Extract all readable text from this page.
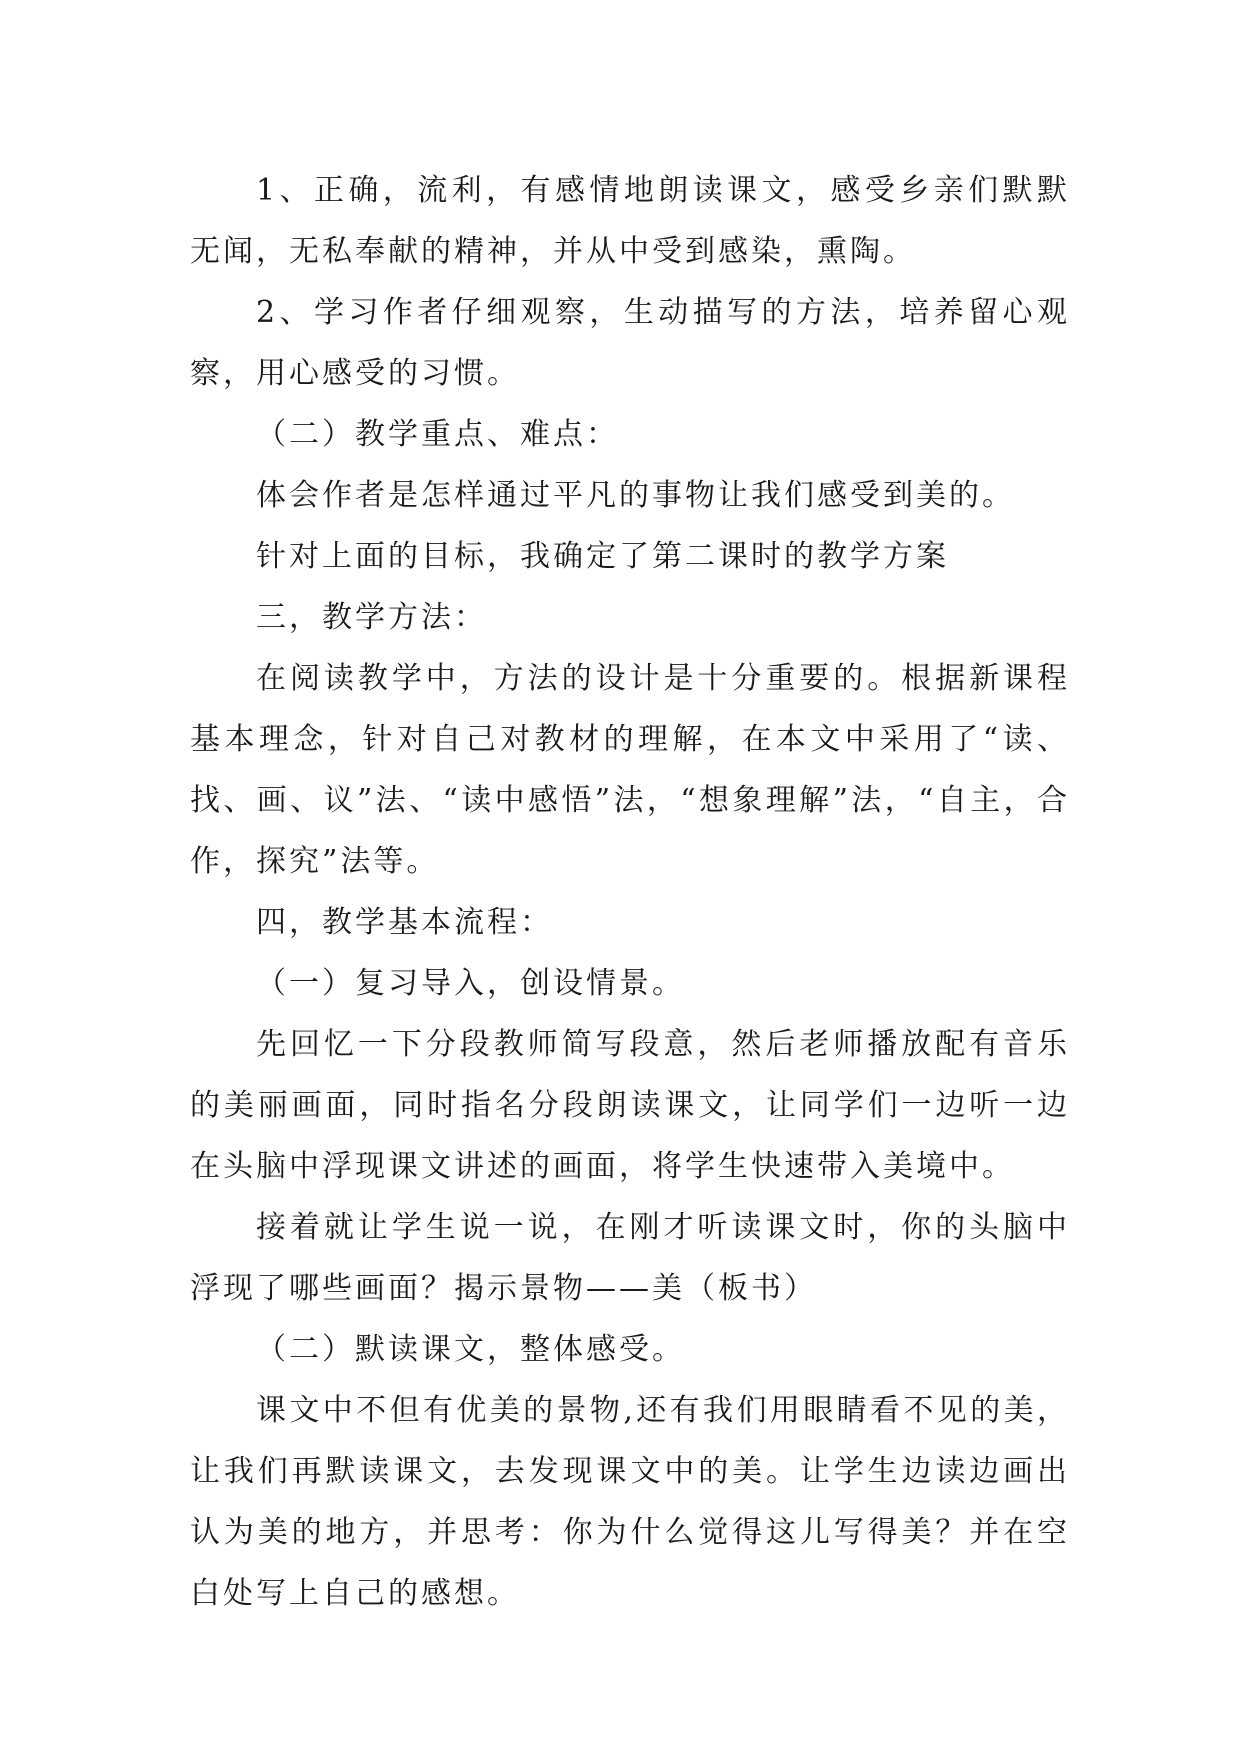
1、正确，流利，有感情地朗读课文，感受乡亲们默默无闻，无私奉献的精神，并从中受到感染，熏陶。

2、学习作者仔细观察，生动描写的方法，培养留心观察，用心感受的习惯。

（二）教学重点、难点：

体会作者是怎样通过平凡的事物让我们感受到美的。

针对上面的目标，我确定了第二课时的教学方案

三，教学方法：

在阅读教学中，方法的设计是十分重要的。根据新课程基本理念，针对自己对教材的理解，在本文中采用了“读、找、画、议”法、“读中感悟”法，“想象理解”法，“自主，合作，探究”法等。

四，教学基本流程：

（一）复习导入，创设情景。

先回忆一下分段教师简写段意，然后老师播放配有音乐的美丽画面，同时指名分段朗读课文，让同学们一边听一边在头脑中浮现课文讲述的画面，将学生快速带入美境中。

接着就让学生说一说，在刚才听读课文时，你的头脑中浮现了哪些画面？揭示景物——美（板书）

（二）默读课文，整体感受。

课文中不但有优美的景物,还有我们用眼睛看不见的美，让我们再默读课文，去发现课文中的美。让学生边读边画出认为美的地方，并思考：你为什么觉得这儿写得美？并在空白处写上自己的感想。
